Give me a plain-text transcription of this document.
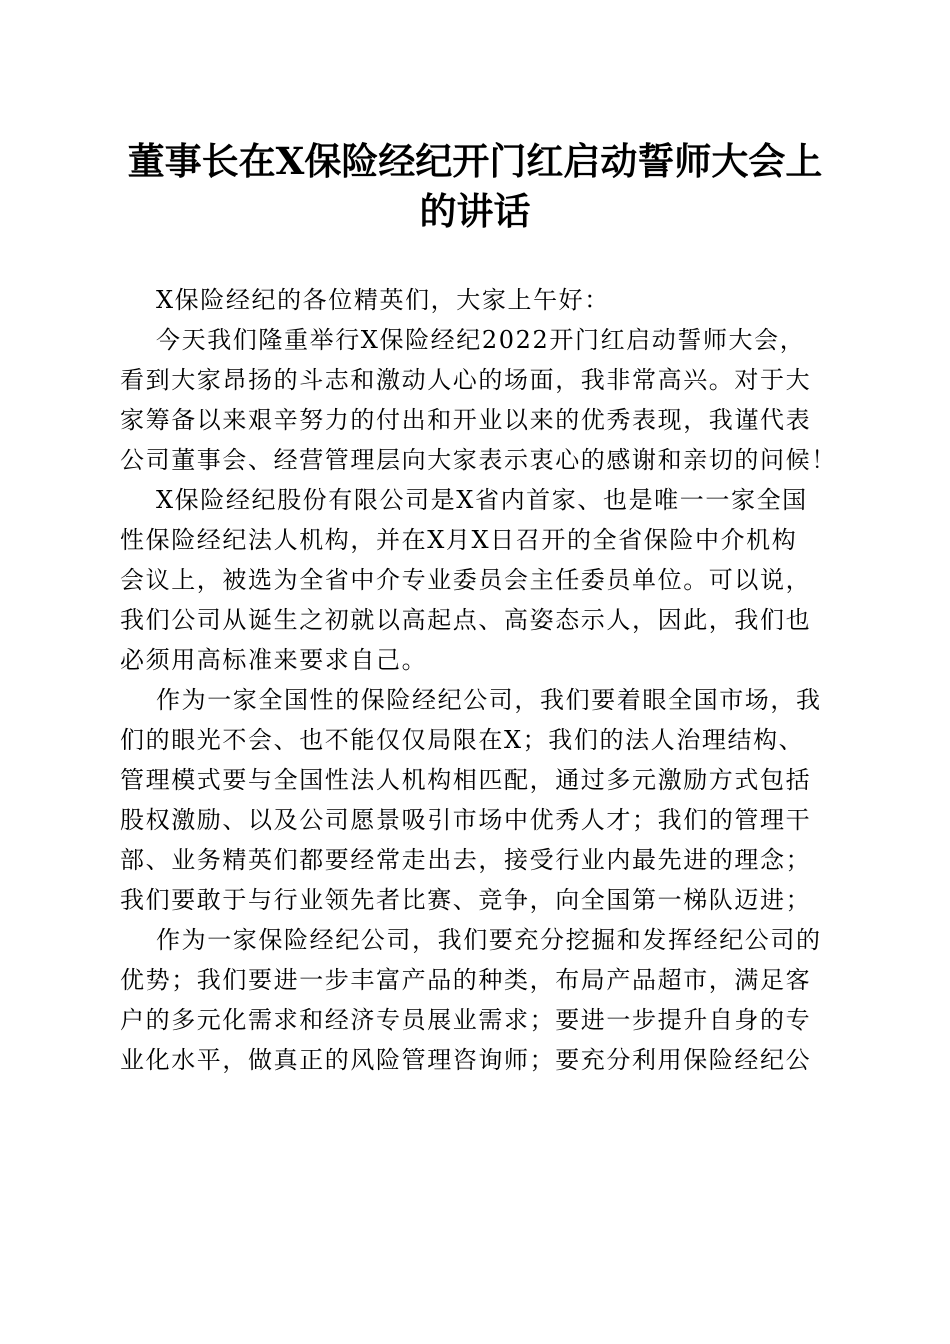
董事长在X保险经纪开门红启动誓师大会上
的讲话

X保险经纪的各位精英们，大家上午好：

今天我们隆重举行X保险经纪2022开门红启动誓师大会，
看到大家昂扬的斗志和激动人心的场面，我非常高兴。对于大
家筹备以来艰辛努力的付出和开业以来的优秀表现，我谨代表
公司董事会、经营管理层向大家表示衷心的感谢和亲切的问候！

X保险经纪股份有限公司是X省内首家、也是唯一一家全国
性保险经纪法人机构，并在X月X日召开的全省保险中介机构
会议上，被选为全省中介专业委员会主任委员单位。可以说，
我们公司从诞生之初就以高起点、高姿态示人，因此，我们也
必须用高标准来要求自己。

作为一家全国性的保险经纪公司，我们要着眼全国市场，我
们的眼光不会、也不能仅仅局限在X；我们的法人治理结构、
管理模式要与全国性法人机构相匹配，通过多元激励方式包括
股权激励、以及公司愿景吸引市场中优秀人才；我们的管理干
部、业务精英们都要经常走出去，接受行业内最先进的理念；
我们要敢于与行业领先者比赛、竞争，向全国第一梯队迈进；

作为一家保险经纪公司，我们要充分挖掘和发挥经纪公司的
优势；我们要进一步丰富产品的种类，布局产品超市，满足客
户的多元化需求和经济专员展业需求；要进一步提升自身的专
业化水平，做真正的风险管理咨询师；要充分利用保险经纪公
